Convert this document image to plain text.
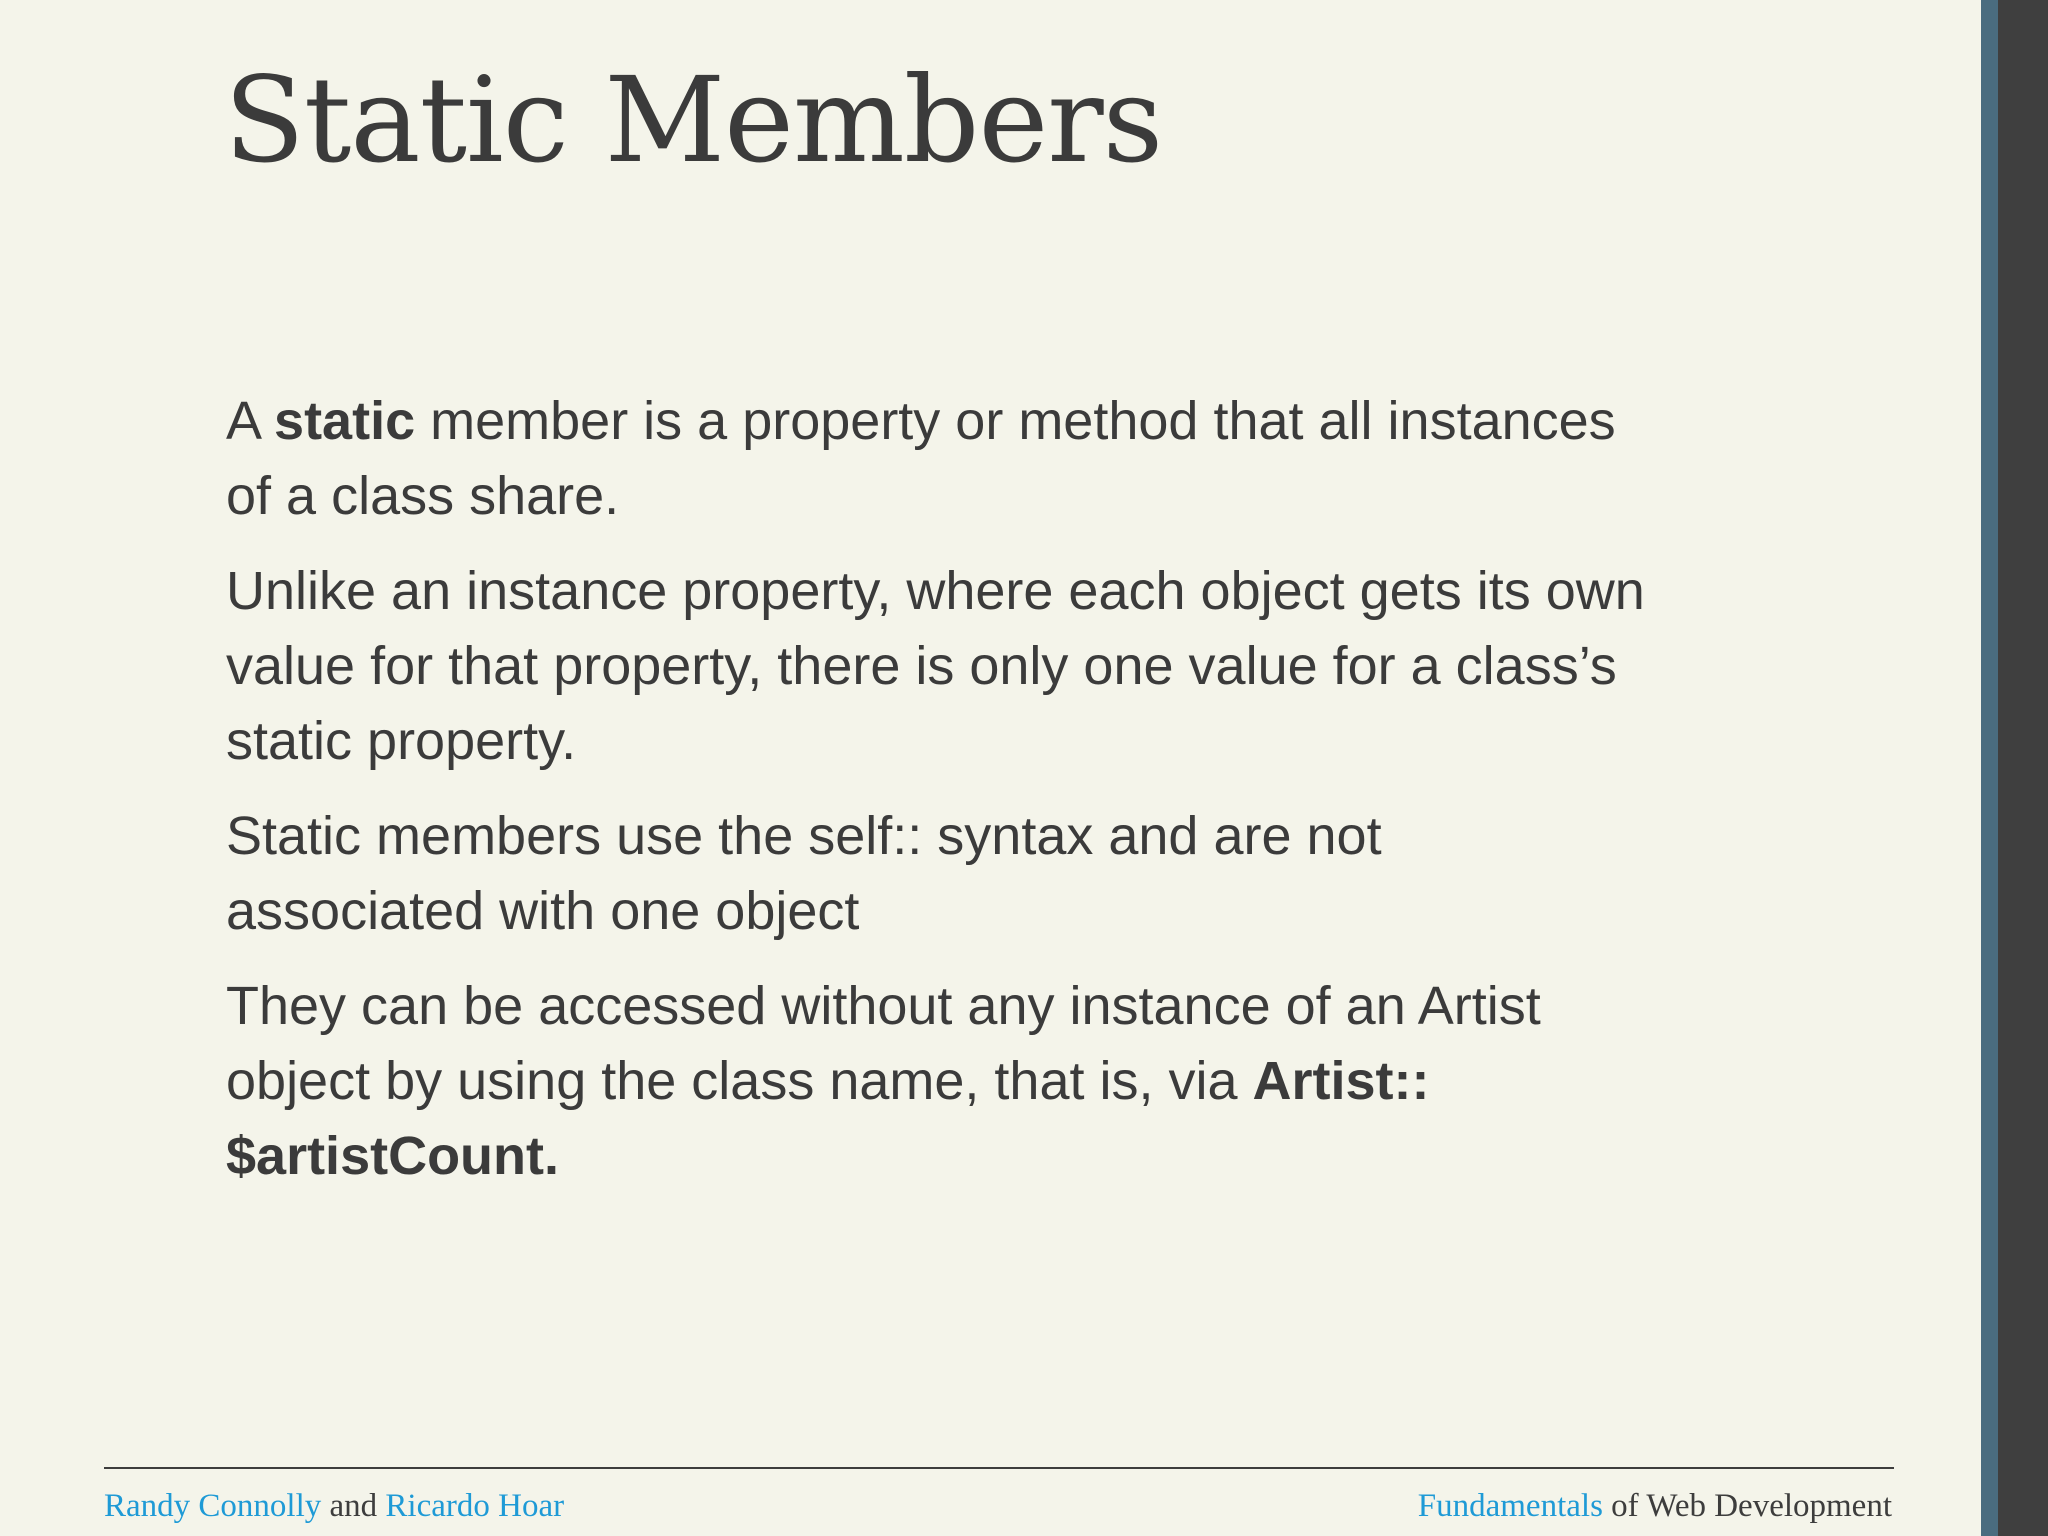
Static Members

A static member is a property or method that all instances of a class share.

Unlike an instance property, where each object gets its own value for that property, there is only one value for a class’s static property.

Static members use the self:: syntax and are not associated with one object

They can be accessed without any instance of an Artist object by using the class name, that is, via Artist:: $artistCount.

Randy Connolly and Ricardo Hoar	Fundamentals of Web Development
